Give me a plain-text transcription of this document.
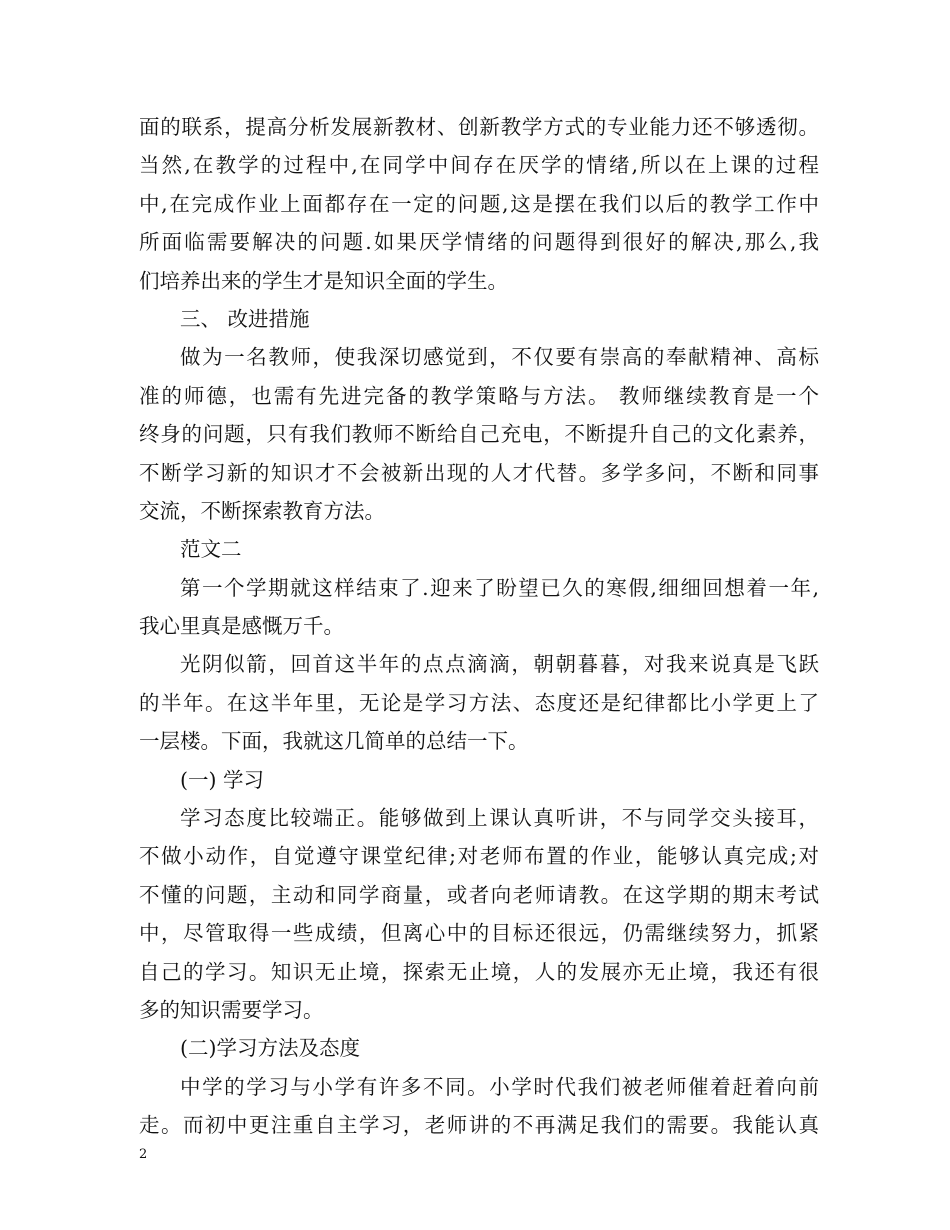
面的联系，提高分析发展新教材、创新教学方式的专业能力还不够透彻。
当然,在教学的过程中,在同学中间存在厌学的情绪,所以在上课的过程
中,在完成作业上面都存在一定的问题,这是摆在我们以后的教学工作中
所面临需要解决的问题.如果厌学情绪的问题得到很好的解决,那么,我
们培养出来的学生才是知识全面的学生。
三、 改进措施
做为一名教师，使我深切感觉到，不仅要有崇高的奉献精神、高标
准的师德，也需有先进完备的教学策略与方法。 教师继续教育是一个
终身的问题，只有我们教师不断给自己充电，不断提升自己的文化素养，
不断学习新的知识才不会被新出现的人才代替。多学多问，不断和同事
交流，不断探索教育方法。
范文二
第一个学期就这样结束了.迎来了盼望已久的寒假,细细回想着一年,
我心里真是感慨万千。
光阴似箭，回首这半年的点点滴滴，朝朝暮暮，对我来说真是飞跃
的半年。在这半年里，无论是学习方法、态度还是纪律都比小学更上了
一层楼。下面，我就这几简单的总结一下。
(一) 学习
学习态度比较端正。能够做到上课认真听讲，不与同学交头接耳，
不做小动作，自觉遵守课堂纪律;对老师布置的作业，能够认真完成;对
不懂的问题，主动和同学商量，或者向老师请教。在这学期的期末考试
中，尽管取得一些成绩，但离心中的目标还很远，仍需继续努力，抓紧
自己的学习。知识无止境，探索无止境，人的发展亦无止境，我还有很
多的知识需要学习。
(二)学习方法及态度
中学的学习与小学有许多不同。小学时代我们被老师催着赶着向前
走。而初中更注重自主学习，老师讲的不再满足我们的需要。我能认真
2
